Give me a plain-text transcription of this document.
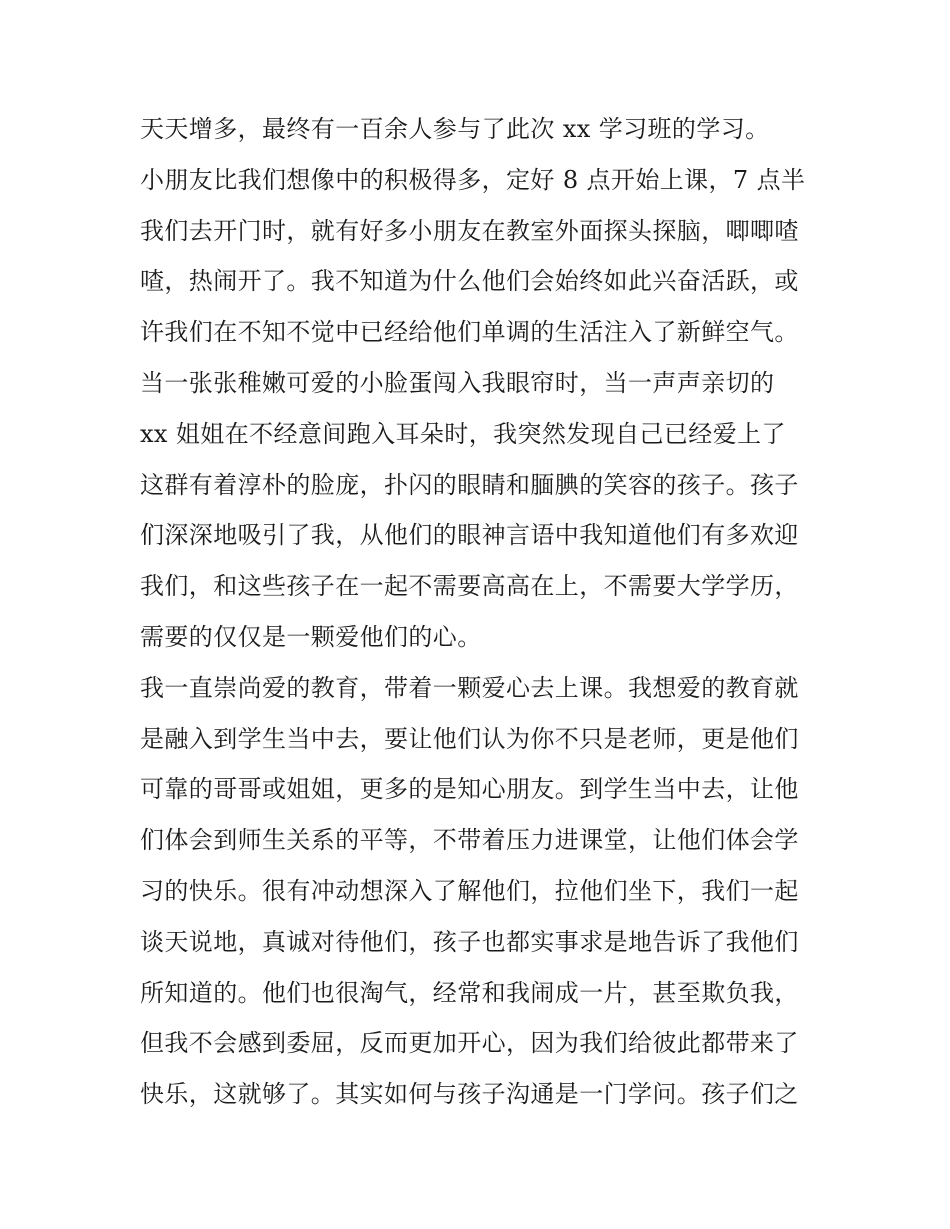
天天增多，最终有一百余人参与了此次 xx 学习班的学习。
小朋友比我们想像中的积极得多，定好 8 点开始上课，7 点半
我们去开门时，就有好多小朋友在教室外面探头探脑，唧唧喳
喳，热闹开了。我不知道为什么他们会始终如此兴奋活跃，或
许我们在不知不觉中已经给他们单调的生活注入了新鲜空气。
当一张张稚嫩可爱的小脸蛋闯入我眼帘时，当一声声亲切的
xx 姐姐在不经意间跑入耳朵时，我突然发现自己已经爱上了
这群有着淳朴的脸庞，扑闪的眼睛和腼腆的笑容的孩子。孩子
们深深地吸引了我，从他们的眼神言语中我知道他们有多欢迎
我们，和这些孩子在一起不需要高高在上，不需要大学学历，
需要的仅仅是一颗爱他们的心。
我一直崇尚爱的教育，带着一颗爱心去上课。我想爱的教育就
是融入到学生当中去，要让他们认为你不只是老师，更是他们
可靠的哥哥或姐姐，更多的是知心朋友。到学生当中去，让他
们体会到师生关系的平等，不带着压力进课堂，让他们体会学
习的快乐。很有冲动想深入了解他们，拉他们坐下，我们一起
谈天说地，真诚对待他们，孩子也都实事求是地告诉了我他们
所知道的。他们也很淘气，经常和我闹成一片，甚至欺负我，
但我不会感到委屈，反而更加开心，因为我们给彼此都带来了
快乐，这就够了。其实如何与孩子沟通是一门学问。孩子们之
